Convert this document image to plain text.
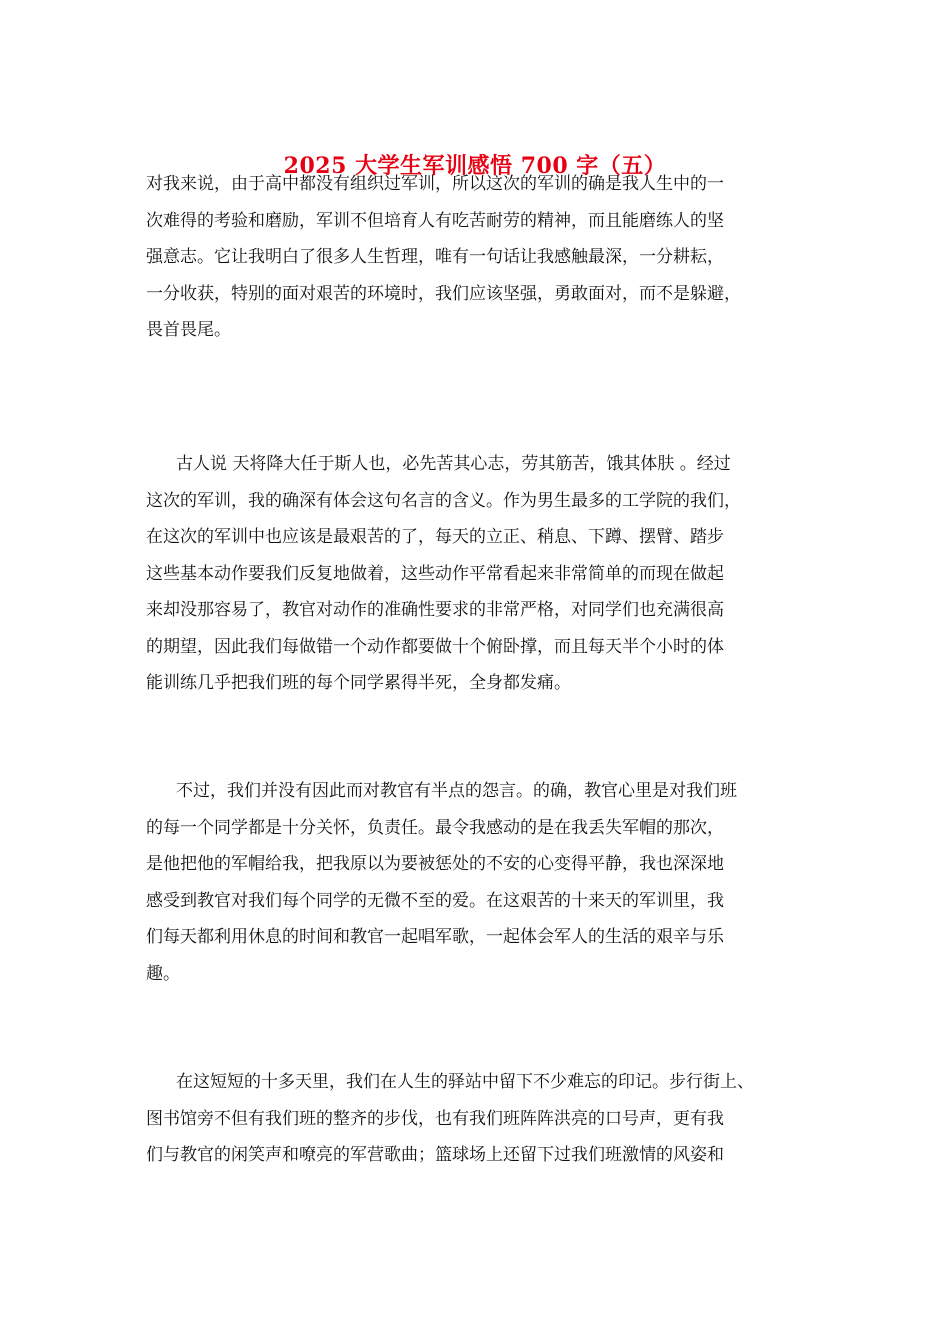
2025 大学生军训感悟 700 字（五）
对我来说，由于高中都没有组织过军训，所以这次的军训的确是我人生中的一
次难得的考验和磨励，军训不但培育人有吃苦耐劳的精神，而且能磨练人的坚
强意志。它让我明白了很多人生哲理，唯有一句话让我感触最深，一分耕耘，
一分收获，特别的面对艰苦的环境时，我们应该坚强，勇敢面对，而不是躲避，
畏首畏尾。
古人说 天将降大任于斯人也，必先苦其心志，劳其筋苦，饿其体肤 。经过
这次的军训，我的确深有体会这句名言的含义。作为男生最多的工学院的我们，
在这次的军训中也应该是最艰苦的了，每天的立正、稍息、下蹲、摆臂、踏步
这些基本动作要我们反复地做着，这些动作平常看起来非常简单的而现在做起
来却没那容易了，教官对动作的准确性要求的非常严格，对同学们也充满很高
的期望，因此我们每做错一个动作都要做十个俯卧撑，而且每天半个小时的体
能训练几乎把我们班的每个同学累得半死，全身都发痛。
不过，我们并没有因此而对教官有半点的怨言。的确，教官心里是对我们班
的每一个同学都是十分关怀，负责任。最令我感动的是在我丢失军帽的那次，
是他把他的军帽给我，把我原以为要被惩处的不安的心变得平静，我也深深地
感受到教官对我们每个同学的无微不至的爱。在这艰苦的十来天的军训里，我
们每天都利用休息的时间和教官一起唱军歌，一起体会军人的生活的艰辛与乐
趣。
在这短短的十多天里，我们在人生的驿站中留下不少难忘的印记。步行街上、
图书馆旁不但有我们班的整齐的步伐，也有我们班阵阵洪亮的口号声，更有我
们与教官的闲笑声和嘹亮的军营歌曲；篮球场上还留下过我们班激情的风姿和
